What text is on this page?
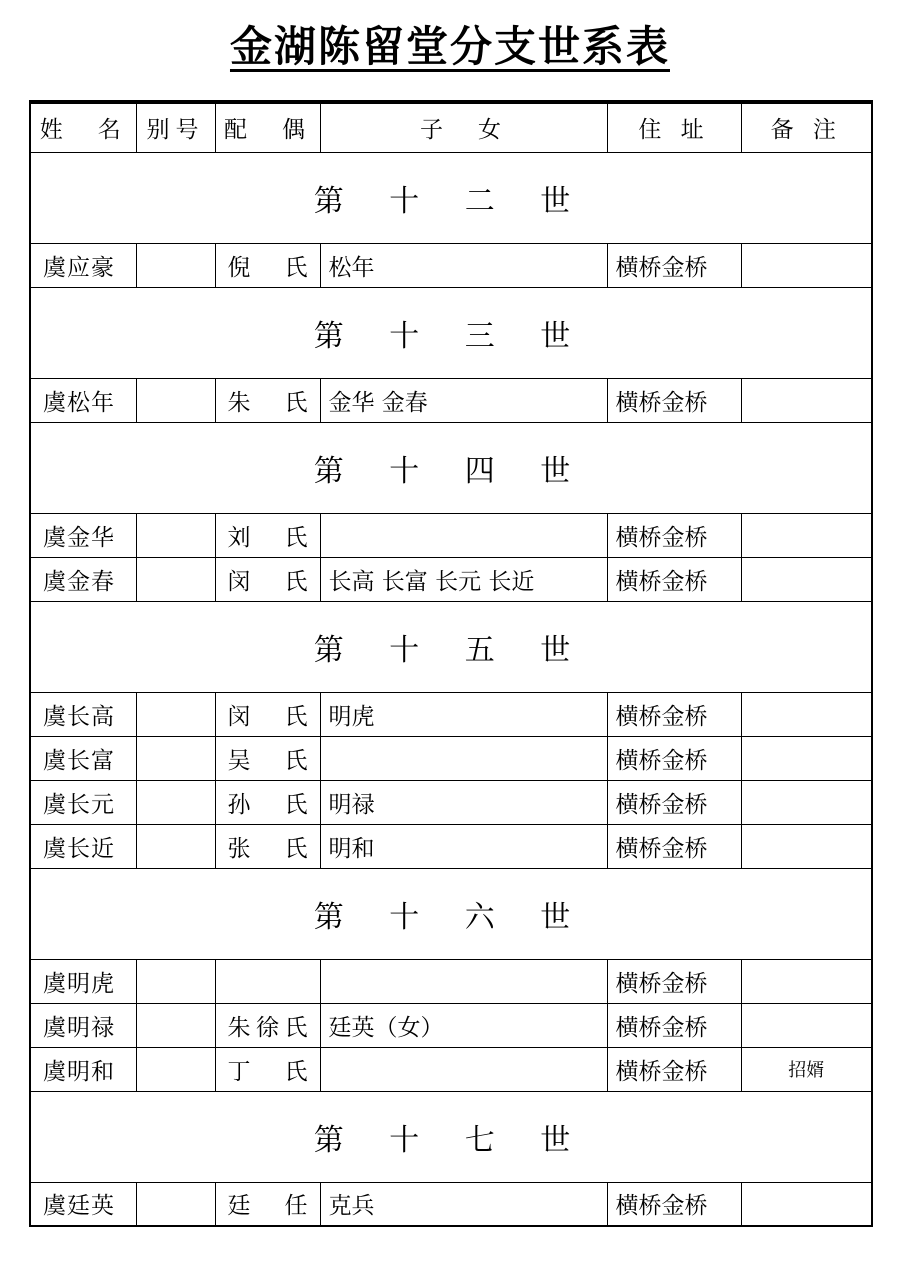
金湖陈留堂分支世系表
姓　名	别号	配　偶	子　女	住 址	备 注
第 十 二 世					
虞应豪		倪　氏	松年	横桥金桥	
第 十 三 世					
虞松年		朱　氏	金华 金春	横桥金桥	
第 十 四 世					
虞金华		刘　氏		横桥金桥	
虞金春		闵　氏	长高 长富 长元 长近	横桥金桥	
第 十 五 世					
虞长高		闵　氏	明虎	横桥金桥	
虞长富		吴　氏		横桥金桥	
虞长元		孙　氏	明禄	横桥金桥	
虞长近		张　氏	明和	横桥金桥	
第 十 六 世					
虞明虎				横桥金桥	
虞明禄		朱徐氏	廷英（女）	横桥金桥	
虞明和		丁　氏		横桥金桥	招婿
第 十 七 世					
虞廷英		廷　任	克兵	横桥金桥	
